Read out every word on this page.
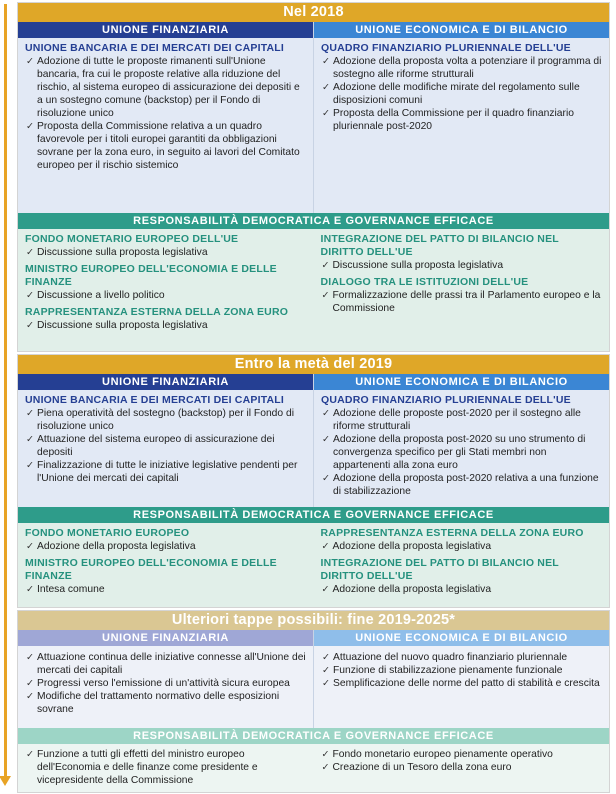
Nel 2018
UNIONE FINANZIARIA
UNIONE BANCARIA E DEI MERCATI DEI CAPITALI
✓ Adozione di tutte le proposte rimanenti sull'Unione bancaria, fra cui le proposte relative alla riduzione del rischio, al sistema europeo di assicurazione dei depositi e a un sostegno comune (backstop) per il Fondo di risoluzione unico
✓ Proposta della Commissione relativa a un quadro favorevole per i titoli europei garantiti da obbligazioni sovrane per la zona euro, in seguito ai lavori del Comitato europeo per il rischio sistemico
UNIONE ECONOMICA E DI BILANCIO
QUADRO FINANZIARIO PLURIENNALE DELL'UE
✓ Adozione della proposta volta a potenziare il programma di sostegno alle riforme strutturali
✓ Adozione delle modifiche mirate del regolamento sulle disposizioni comuni
✓ Proposta della Commissione per il quadro finanziario pluriennale post-2020
RESPONSABILITÀ DEMOCRATICA E GOVERNANCE EFFICACE
FONDO MONETARIO EUROPEO DELL'UE
✓ Discussione sulla proposta legislativa
MINISTRO EUROPEO DELL'ECONOMIA E DELLE FINANZE
✓ Discussione a livello politico
RAPPRESENTANZA ESTERNA DELLA ZONA EURO
✓ Discussione sulla proposta legislativa
INTEGRAZIONE DEL PATTO DI BILANCIO NEL DIRITTO DELL'UE
✓ Discussione sulla proposta legislativa
DIALOGO TRA LE ISTITUZIONI DELL'UE
✓ Formalizzazione delle prassi tra il Parlamento europeo e la Commissione
Entro la metà del 2019
UNIONE FINANZIARIA
UNIONE BANCARIA E DEI MERCATI DEI CAPITALI
✓ Piena operatività del sostegno (backstop) per il Fondo di risoluzione unico
✓ Attuazione del sistema europeo di assicurazione dei depositi
✓ Finalizzazione di tutte le iniziative legislative pendenti per l'Unione dei mercati dei capitali
UNIONE ECONOMICA E DI BILANCIO
QUADRO FINANZIARIO PLURIENNALE DELL'UE
✓ Adozione delle proposte post-2020 per il sostegno alle riforme strutturali
✓ Adozione della proposta post-2020 su uno strumento di convergenza specifico per gli Stati membri non appartenenti alla zona euro
✓ Adozione della proposta post-2020 relativa a una funzione di stabilizzazione
RESPONSABILITÀ DEMOCRATICA E GOVERNANCE EFFICACE
FONDO MONETARIO EUROPEO
✓ Adozione della proposta legislativa
MINISTRO EUROPEO DELL'ECONOMIA E DELLE FINANZE
✓ Intesa comune
RAPPRESENTANZA ESTERNA DELLA ZONA EURO
✓ Adozione della proposta legislativa
INTEGRAZIONE DEL PATTO DI BILANCIO NEL DIRITTO DELL'UE
✓ Adozione della proposta legislativa
Ulteriori tappe possibili: fine 2019-2025*
UNIONE FINANZIARIA
✓ Attuazione continua delle iniziative connesse all'Unione dei mercati dei capitali
✓ Progressi verso l'emissione di un'attività sicura europea
✓ Modifiche del trattamento normativo delle esposizioni sovrane
UNIONE ECONOMICA E DI BILANCIO
✓ Attuazione del nuovo quadro finanziario pluriennale
✓ Funzione di stabilizzazione pienamente funzionale
✓ Semplificazione delle norme del patto di stabilità e crescita
RESPONSABILITÀ DEMOCRATICA E GOVERNANCE EFFICACE
✓ Funzione a tutti gli effetti del ministro europeo dell'Economia e delle finanze come presidente e vicepresidente della Commissione
✓ Fondo monetario europeo pienamente operativo
✓ Creazione di un Tesoro della zona euro
